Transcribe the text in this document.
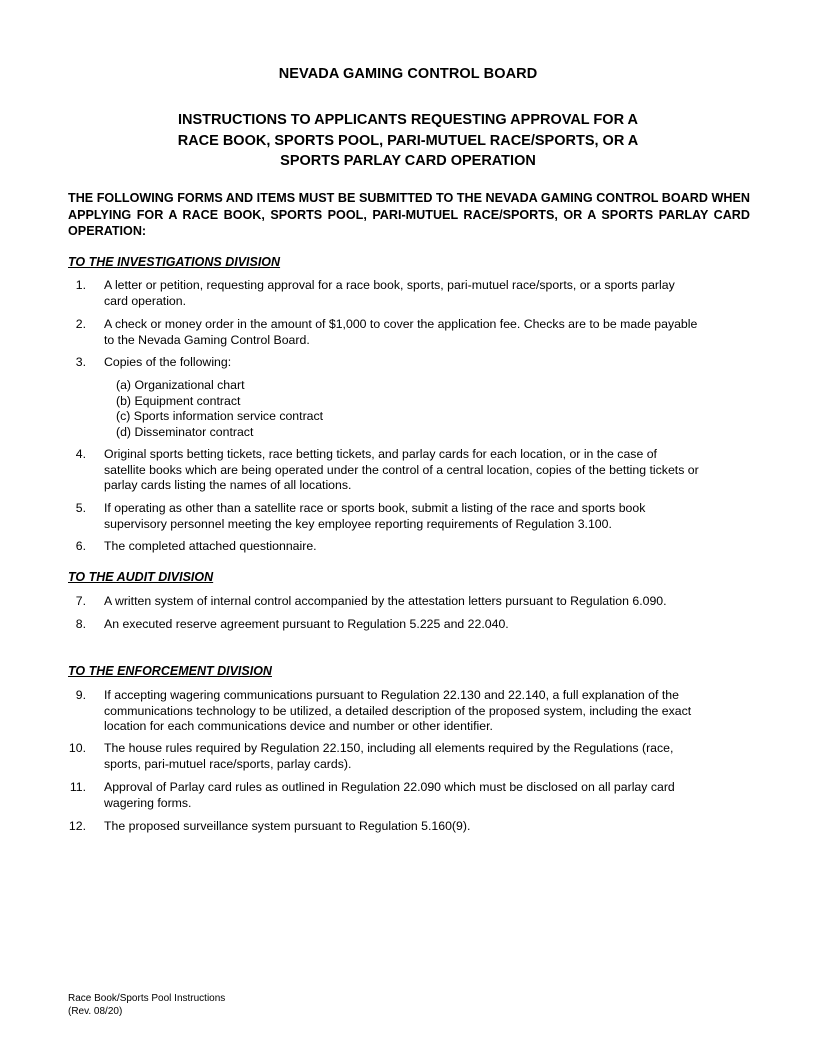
NEVADA GAMING CONTROL BOARD
INSTRUCTIONS TO APPLICANTS REQUESTING APPROVAL FOR A
RACE BOOK, SPORTS POOL, PARI-MUTUEL RACE/SPORTS, OR A
SPORTS PARLAY CARD OPERATION
THE FOLLOWING FORMS AND ITEMS MUST BE SUBMITTED TO THE NEVADA GAMING CONTROL BOARD WHEN APPLYING FOR A RACE BOOK, SPORTS POOL, PARI-MUTUEL RACE/SPORTS, OR A SPORTS PARLAY CARD OPERATION:
TO THE INVESTIGATIONS DIVISION
1. A letter or petition, requesting approval for a race book, sports, pari-mutuel race/sports, or a sports parlay
card operation.
2. A check or money order in the amount of $1,000 to cover the application fee. Checks are to be made payable
to the Nevada Gaming Control Board.
3. Copies of the following:
(a) Organizational chart
(b) Equipment contract
(c) Sports information service contract
(d) Disseminator contract
4. Original sports betting tickets, race betting tickets, and parlay cards for each location, or in the case of
satellite books which are being operated under the control of a central location, copies of the betting tickets or
parlay cards listing the names of all locations.
5. If operating as other than a satellite race or sports book, submit a listing of the race and sports book
supervisory personnel meeting the key employee reporting requirements of Regulation 3.100.
6. The completed attached questionnaire.
TO THE AUDIT DIVISION
7. A written system of internal control accompanied by the attestation letters pursuant to Regulation 6.090.
8. An executed reserve agreement pursuant to Regulation 5.225 and 22.040.
TO THE ENFORCEMENT DIVISION
9. If accepting wagering communications pursuant to Regulation 22.130 and 22.140, a full explanation of the
communications technology to be utilized, a detailed description of the proposed system, including the exact
location for each communications device and number or other identifier.
10. The house rules required by Regulation 22.150, including all elements required by the Regulations (race,
sports, pari-mutuel race/sports, parlay cards).
11. Approval of Parlay card rules as outlined in Regulation 22.090 which must be disclosed on all parlay card
wagering forms.
12. The proposed surveillance system pursuant to Regulation 5.160(9).
Race Book/Sports Pool Instructions
(Rev. 08/20)
